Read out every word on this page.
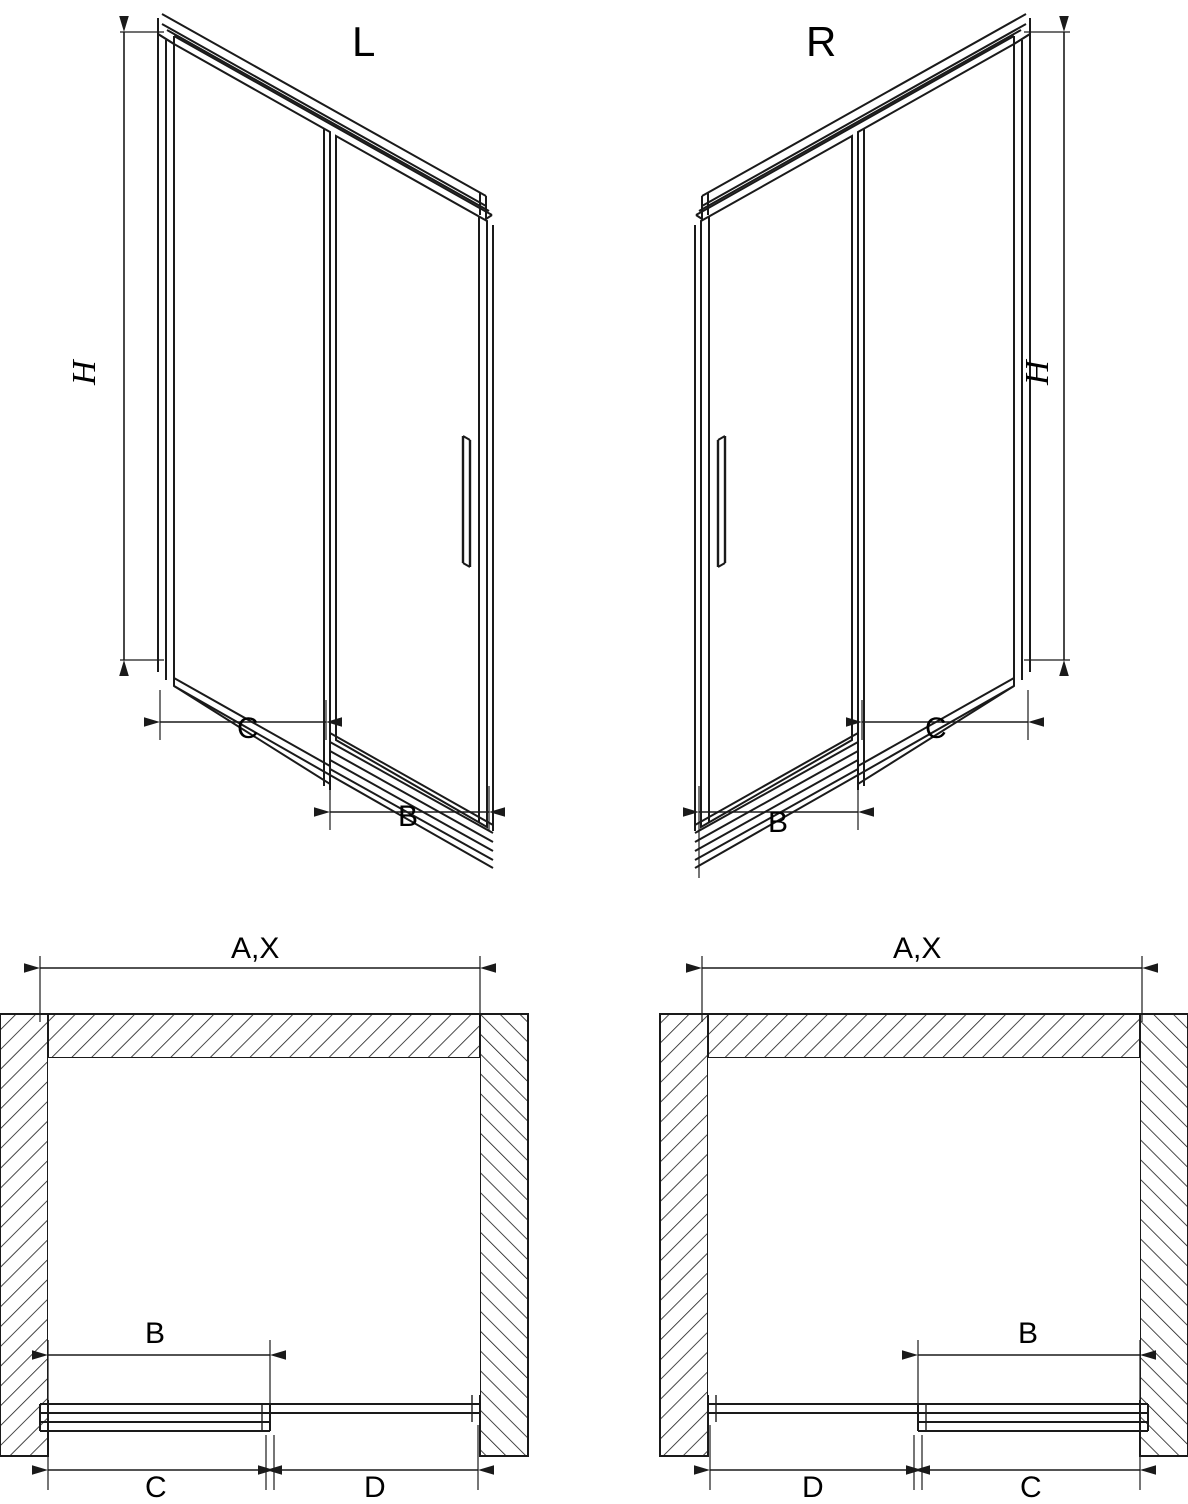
L
H
C
B
R
H
C
B
A,X
B
C	D
A,X
B
D	C
